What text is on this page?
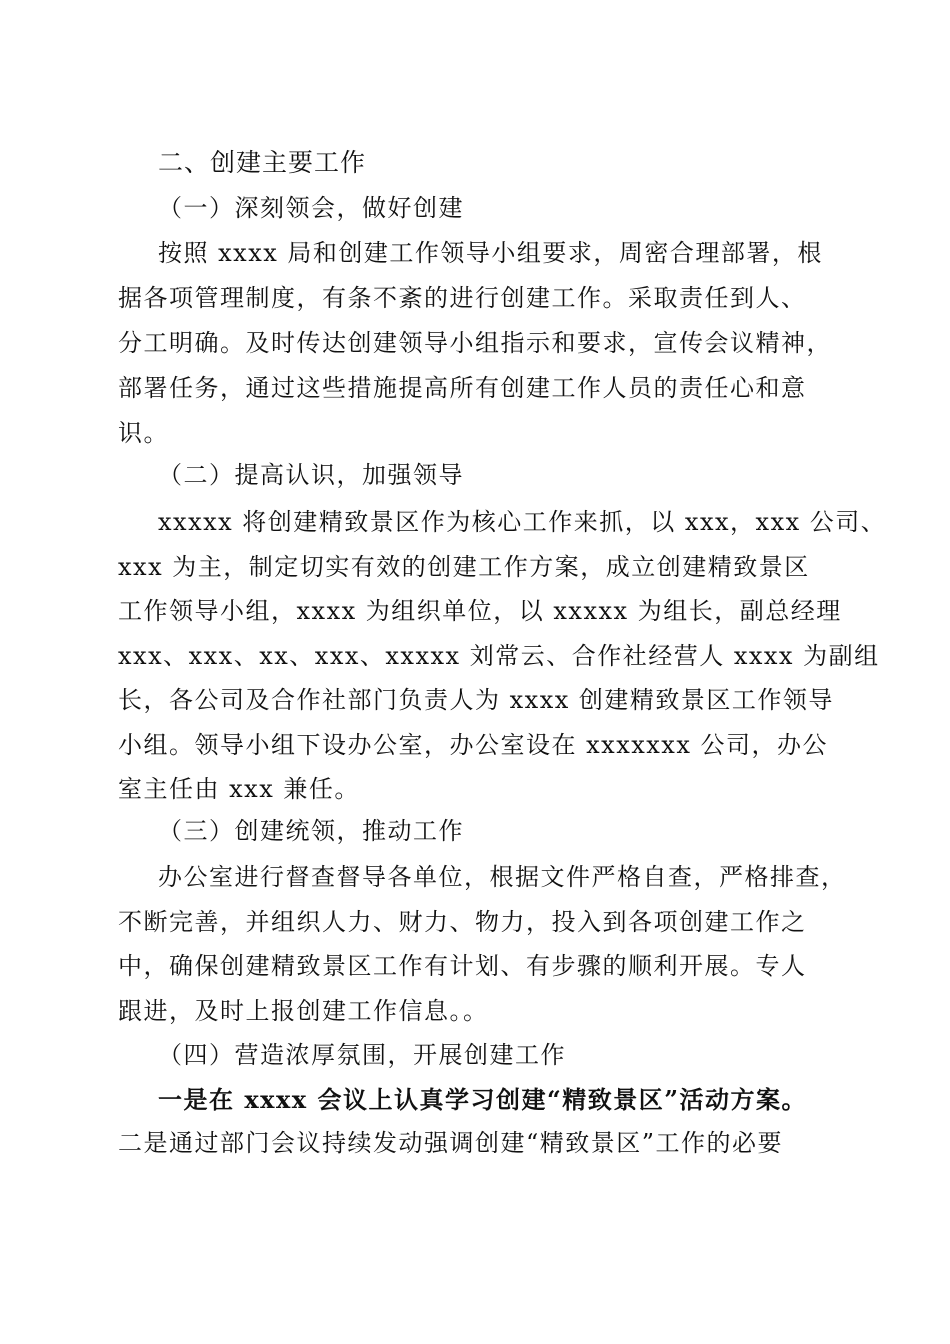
二、创建主要工作
（一）深刻领会，做好创建
按照 xxxx 局和创建工作领导小组要求，周密合理部署，根
据各项管理制度，有条不紊的进行创建工作。采取责任到人、
分工明确。及时传达创建领导小组指示和要求，宣传会议精神，
部署任务，通过这些措施提高所有创建工作人员的责任心和意
识。
（二）提高认识，加强领导
xxxxx 将创建精致景区作为核心工作来抓，以 xxx，xxx 公司、
xxx 为主，制定切实有效的创建工作方案，成立创建精致景区
工作领导小组，xxxx 为组织单位，以 xxxxx 为组长，副总经理
xxx、xxx、xx、xxx、xxxxx 刘常云、合作社经营人 xxxx 为副组
长，各公司及合作社部门负责人为 xxxx 创建精致景区工作领导
小组。领导小组下设办公室，办公室设在 xxxxxxx 公司，办公
室主任由 xxx 兼任。
（三）创建统领，推动工作
办公室进行督查督导各单位，根据文件严格自查，严格排查，
不断完善，并组织人力、财力、物力，投入到各项创建工作之
中，确保创建精致景区工作有计划、有步骤的顺利开展。专人
跟进，及时上报创建工作信息。。
（四）营造浓厚氛围，开展创建工作
一是在 xxxx 会议上认真学习创建“精致景区”活动方案。
二是通过部门会议持续发动强调创建“精致景区”工作的必要
